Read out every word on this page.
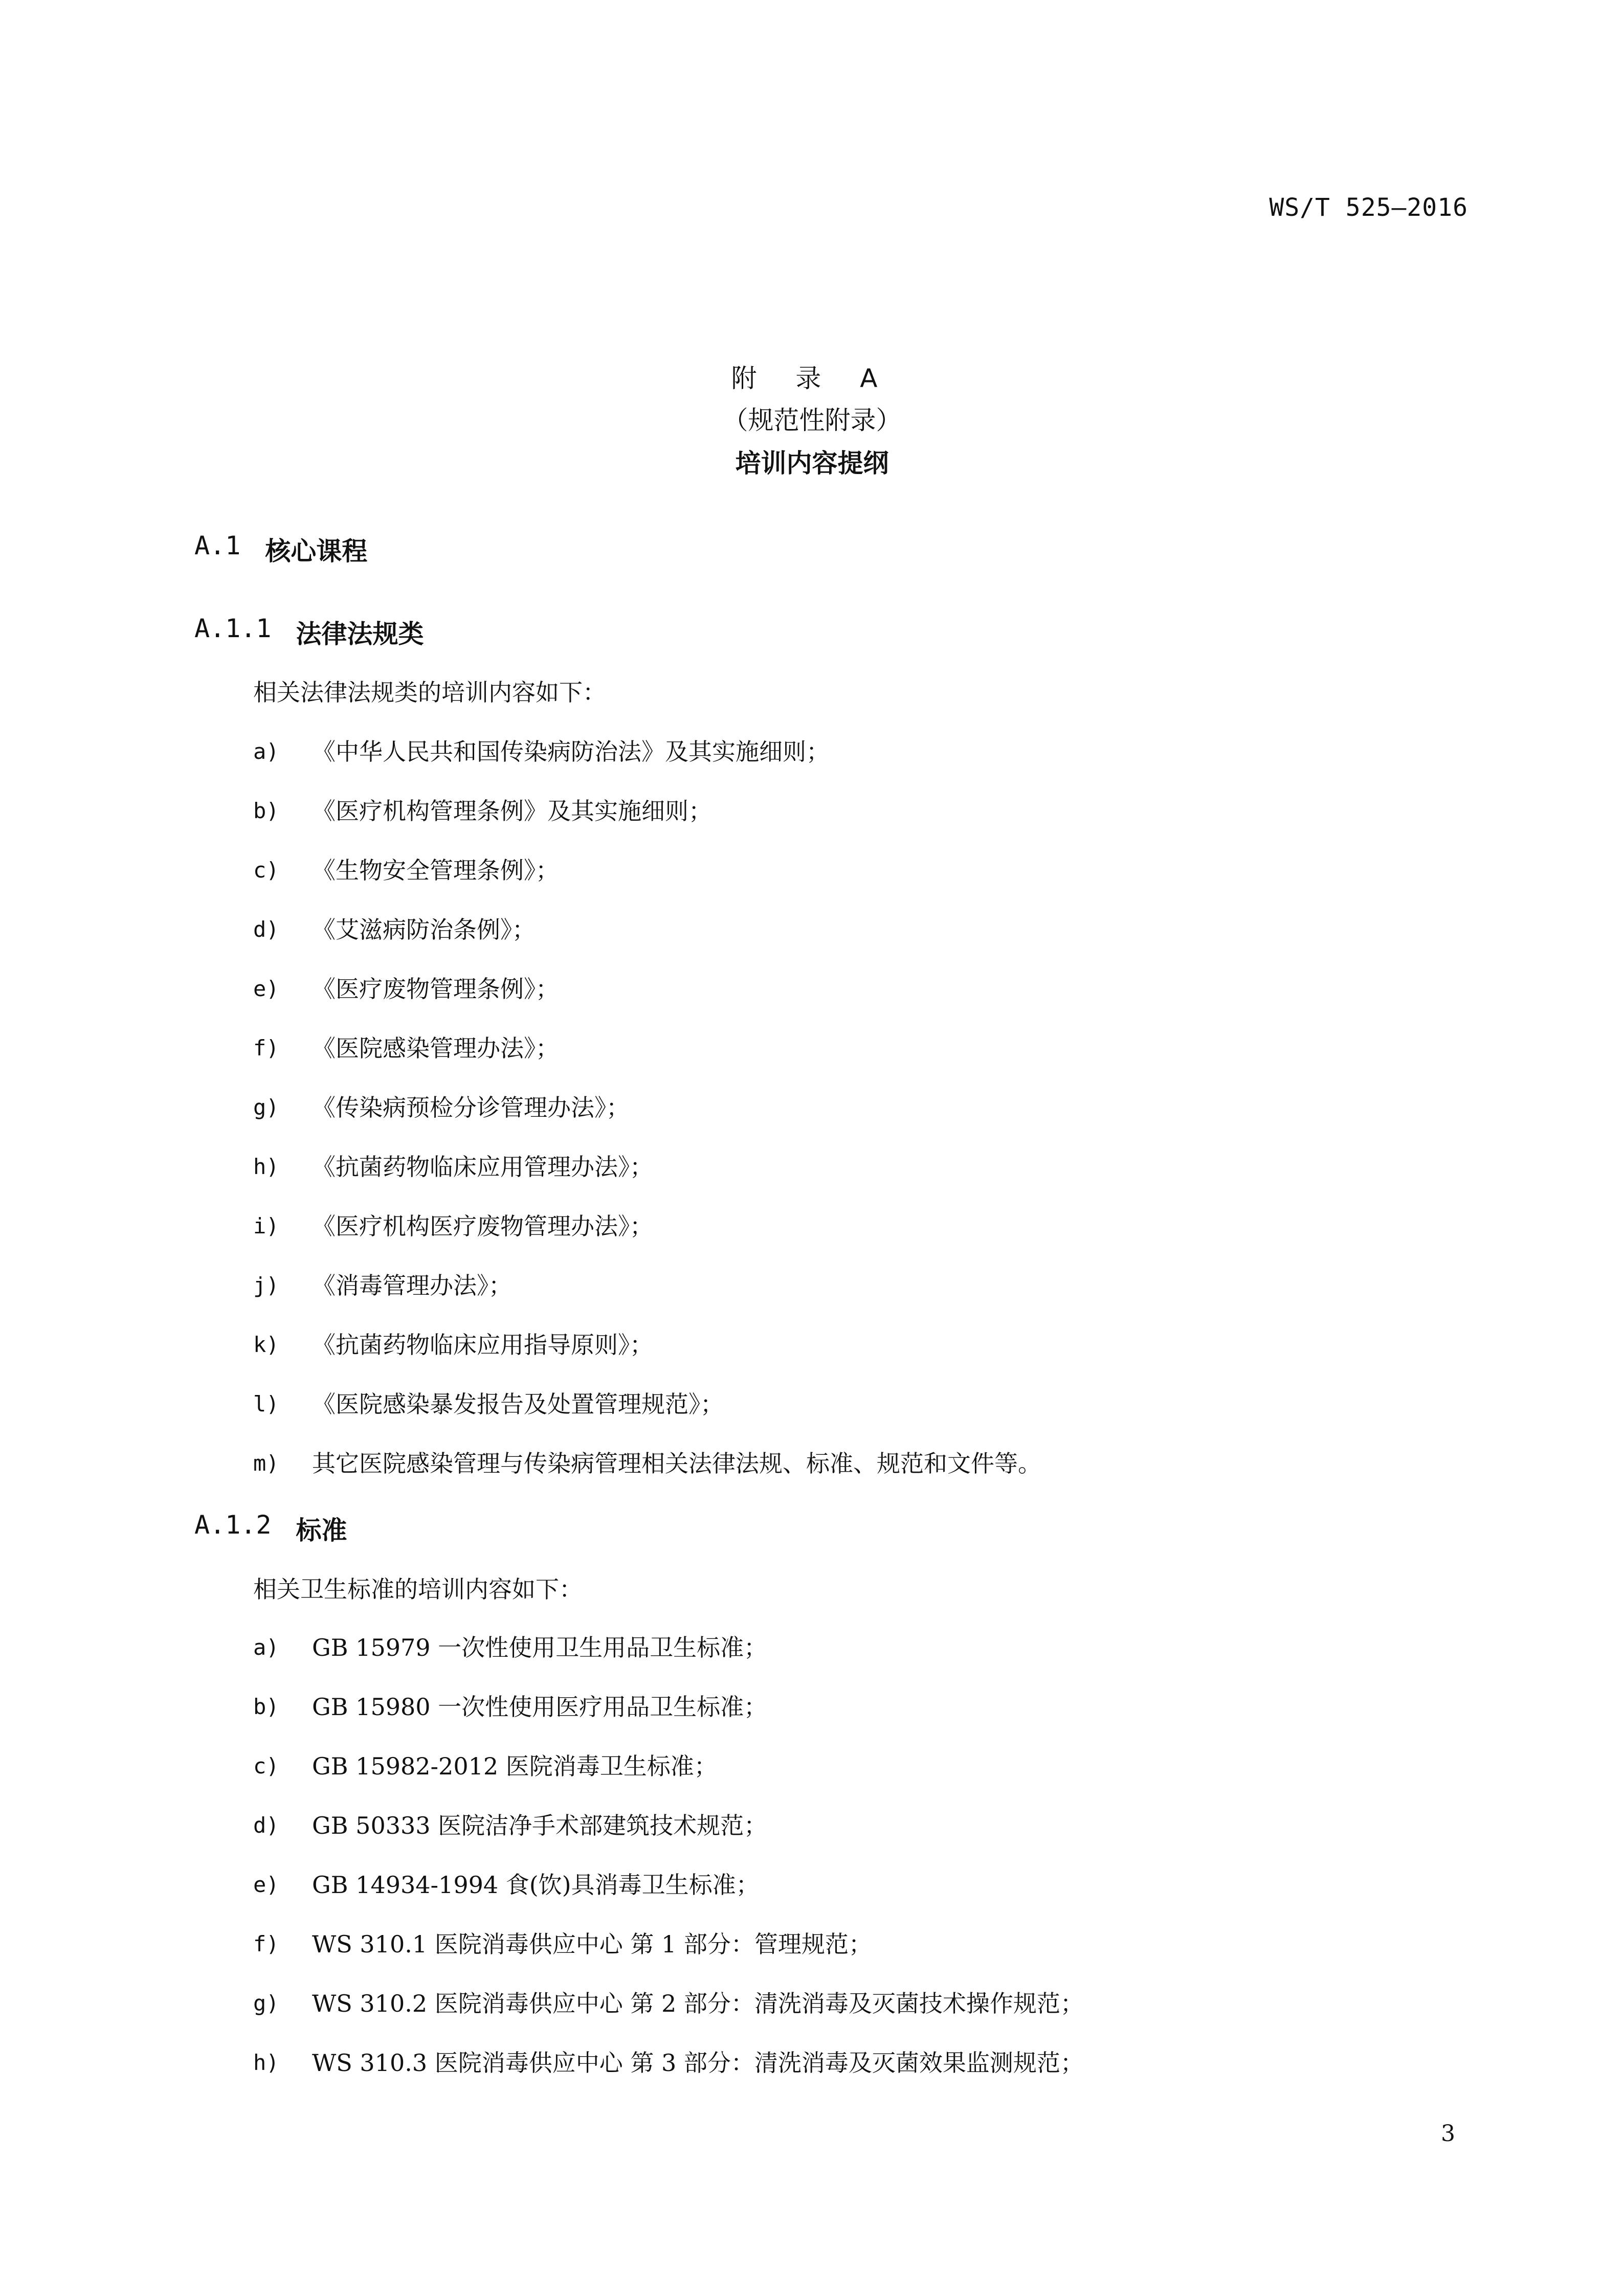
WS/T 525—2016
附 录 A
（规范性附录）
培训内容提纲
A.1 核心课程
A.1.1 法律法规类
相关法律法规类的培训内容如下：
a)	《中华人民共和国传染病防治法》及其实施细则；
b)	《医疗机构管理条例》及其实施细则；
c)	《生物安全管理条例》；
d)	《艾滋病防治条例》；
e)	《医疗废物管理条例》；
f)	《医院感染管理办法》；
g)	《传染病预检分诊管理办法》；
h)	《抗菌药物临床应用管理办法》；
i)	《医疗机构医疗废物管理办法》；
j)	《消毒管理办法》；
k)	《抗菌药物临床应用指导原则》；
l)	《医院感染暴发报告及处置管理规范》；
m)	其它医院感染管理与传染病管理相关法律法规、标准、规范和文件等。
A.1.2 标准
相关卫生标准的培训内容如下：
a)	GB 15979 一次性使用卫生用品卫生标准；
b)	GB 15980 一次性使用医疗用品卫生标准；
c)	GB 15982-2012 医院消毒卫生标准；
d)	GB 50333 医院洁净手术部建筑技术规范；
e)	GB 14934-1994 食(饮)具消毒卫生标准；
f)	WS 310.1 医院消毒供应中心 第 1 部分：管理规范；
g)	WS 310.2 医院消毒供应中心 第 2 部分：清洗消毒及灭菌技术操作规范；
h)	WS 310.3 医院消毒供应中心 第 3 部分：清洗消毒及灭菌效果监测规范；
3
